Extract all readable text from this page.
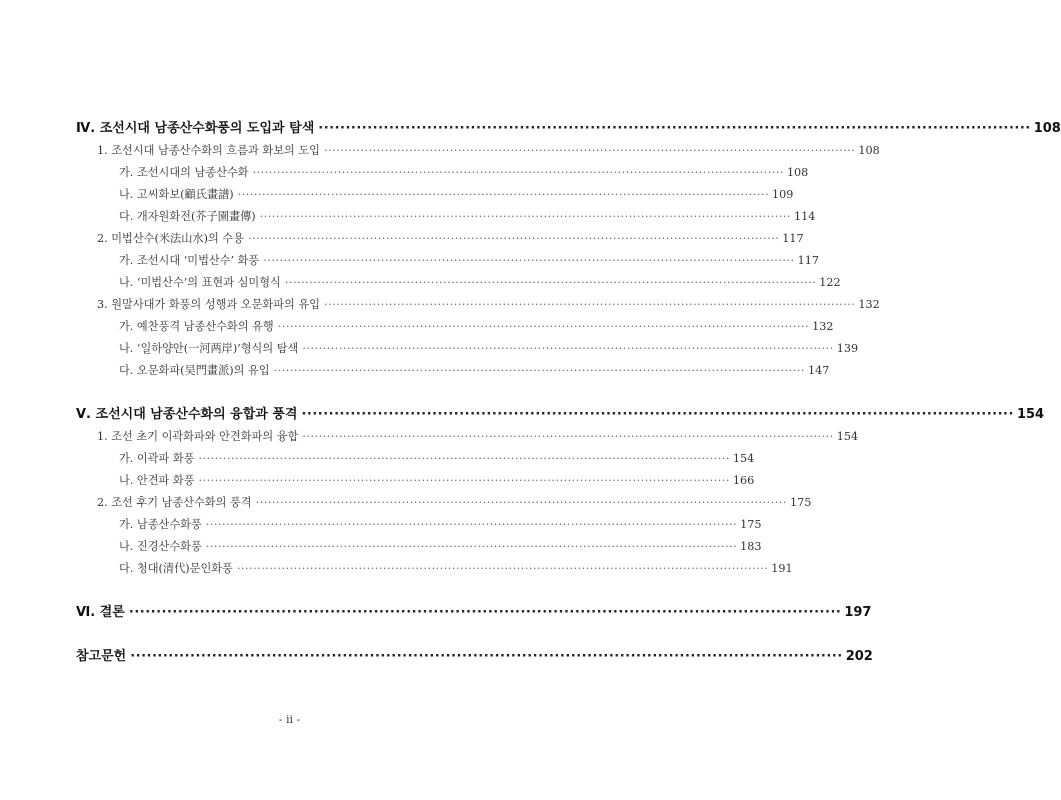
Ⅳ. 조선시대 남종산수화풍의 도입과 탐색 ··································································································································· 108
1. 조선시대 남종산수화의 흐름과 화보의 도입 ··································································································································· 108
가. 조선시대의 남종산수화 ··································································································································· 108
나. 고씨화보(顧氏畫譜) ··································································································································· 109
다. 개자원화전(芥子園畫傳) ··································································································································· 114
2. 미법산수(米法山水)의 수용 ··································································································································· 117
가. 조선시대 ‘미법산수’ 화풍 ··································································································································· 117
나. ‘미법산수’의 표현과 심미형식 ··································································································································· 122
3. 원말사대가 화풍의 성행과 오문화파의 유입 ··································································································································· 132
가. 예찬풍격 남종산수화의 유행 ··································································································································· 132
나. ‘일하양안(一河两岸)’형식의 탐색 ··································································································································· 139
다. 오문화파(吴門畫派)의 유입 ··································································································································· 147
Ⅴ. 조선시대 남종산수화의 융합과 풍격 ··································································································································· 154
1. 조선 초기 이곽화파와 안견화파의 융합 ··································································································································· 154
가. 이곽파 화풍 ··································································································································· 154
나. 안견파 화풍 ··································································································································· 166
2. 조선 후기 남종산수화의 풍격 ··································································································································· 175
가. 남종산수화풍 ··································································································································· 175
나. 진경산수화풍 ··································································································································· 183
다. 청대(清代)문인화풍 ··································································································································· 191
Ⅵ. 결론 ··································································································································· 197
참고문헌 ··································································································································· 202
- ii -
